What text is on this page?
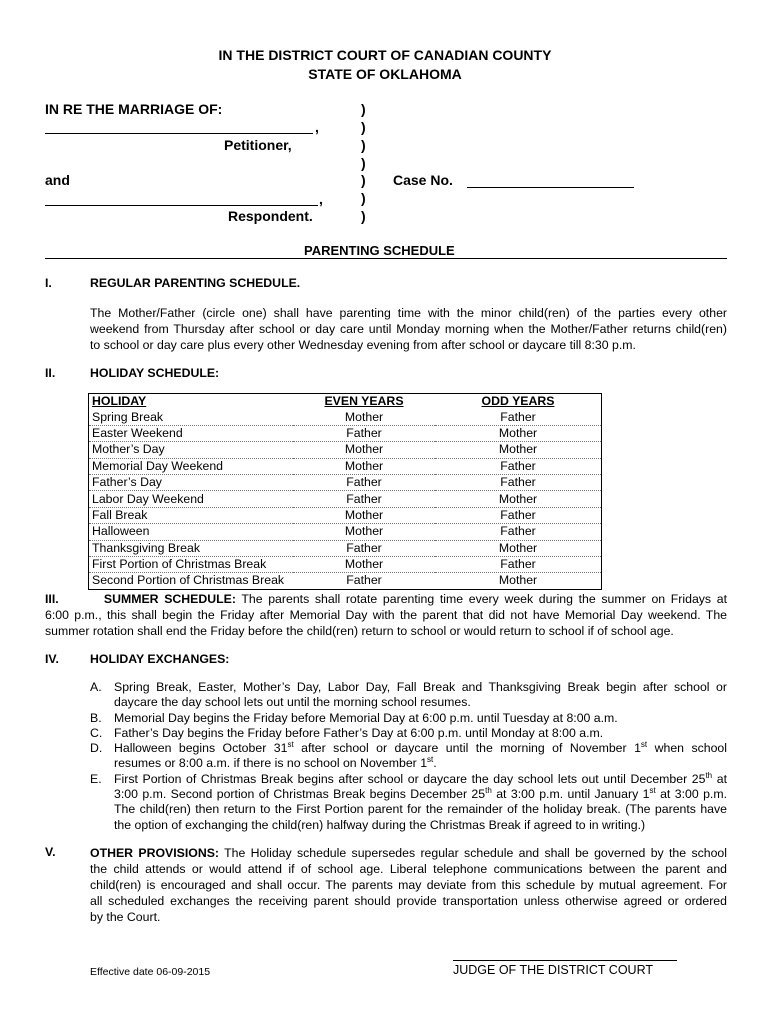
IN THE DISTRICT COURT OF CANADIAN COUNTY
STATE OF OKLAHOMA
IN RE THE MARRIAGE OF:
,
Petitioner,
and
,
Respondent.
)
)
)
)
)
)
)
Case No.
PARENTING SCHEDULE
I.	REGULAR PARENTING SCHEDULE.
The Mother/Father (circle one) shall have parenting time with the minor child(ren) of the parties every other
weekend from Thursday after school or day care until Monday morning when the Mother/Father returns child(ren)
to school or day care plus every other Wednesday evening from after school or daycare till 8:30 p.m.
II.	HOLIDAY SCHEDULE:
HOLIDAY	EVEN YEARS	ODD YEARS
Spring Break	Mother	Father
Easter Weekend	Father	Mother
Mother’s Day	Mother	Mother
Memorial Day Weekend	Mother	Father
Father’s Day	Father	Father
Labor Day Weekend	Father	Mother
Fall Break	Mother	Father
Halloween	Mother	Father
Thanksgiving Break	Father	Mother
First Portion of Christmas Break	Mother	Father
Second Portion of Christmas Break	Father	Mother
III.	SUMMER SCHEDULE: The parents shall rotate parenting time every week during the summer on Fridays at
6:00 p.m., this shall begin the Friday after Memorial Day with the parent that did not have Memorial Day weekend. The
summer rotation shall end the Friday before the child(ren) return to school or would return to school if of school age.
IV.	HOLIDAY EXCHANGES:
A. Spring Break, Easter, Mother’s Day, Labor Day, Fall Break and Thanksgiving Break begin after school or
daycare the day school lets out until the morning school resumes.
B. Memorial Day begins the Friday before Memorial Day at 6:00 p.m. until Tuesday at 8:00 a.m.
C. Father’s Day begins the Friday before Father’s Day at 6:00 p.m. until Monday at 8:00 a.m.
D. Halloween begins October 31st after school or daycare until the morning of November 1st when school
resumes or 8:00 a.m. if there is no school on November 1st.
E. First Portion of Christmas Break begins after school or daycare the day school lets out until December 25th at
3:00 p.m. Second portion of Christmas Break begins December 25th at 3:00 p.m. until January 1st at 3:00 p.m.
The child(ren) then return to the First Portion parent for the remainder of the holiday break. (The parents have
the option of exchanging the child(ren) halfway during the Christmas Break if agreed to in writing.)
V.	OTHER PROVISIONS: The Holiday schedule supersedes regular schedule and shall be governed by the school
the child attends or would attend if of school age. Liberal telephone communications between the parent and
child(ren) is encouraged and shall occur. The parents may deviate from this schedule by mutual agreement. For
all scheduled exchanges the receiving parent should provide transportation unless otherwise agreed or ordered
by the Court.
Effective date 06-09-2015	JUDGE OF THE DISTRICT COURT
